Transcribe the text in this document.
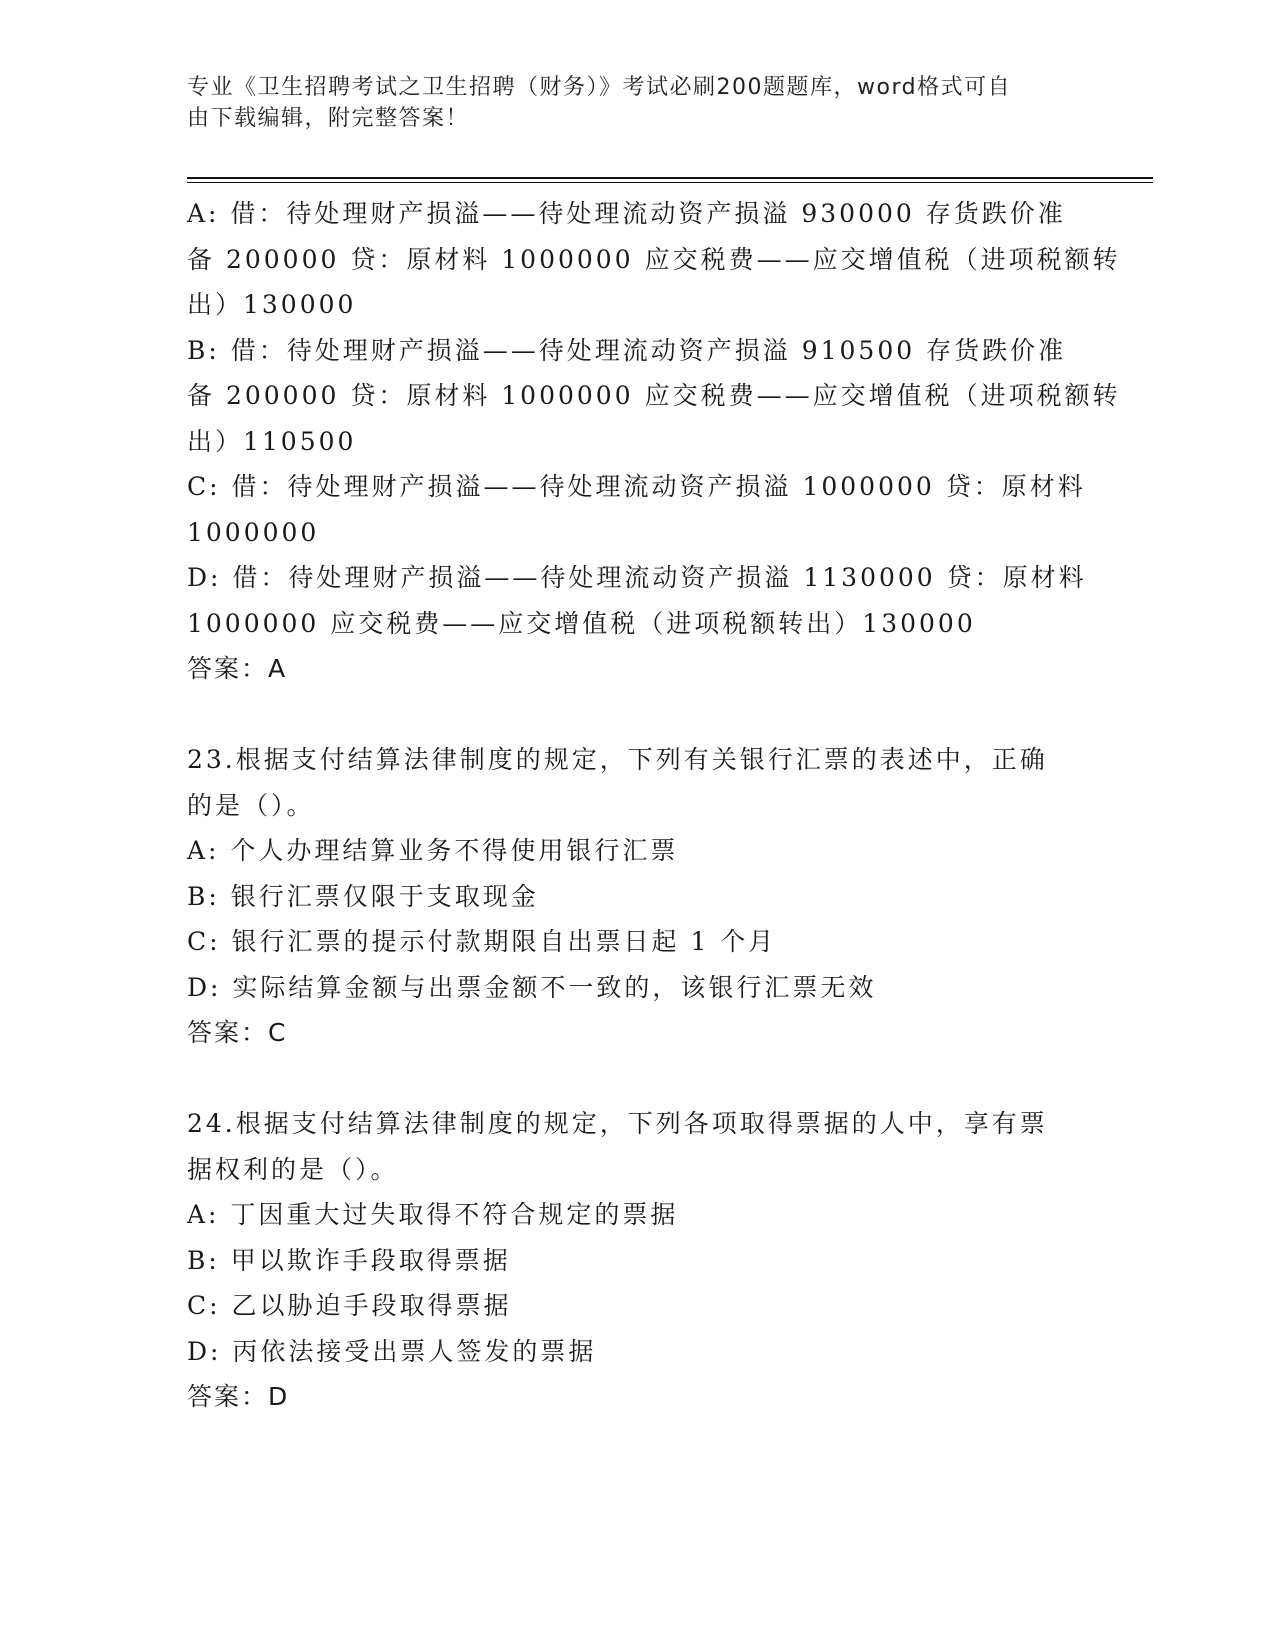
专业《卫生招聘考试之卫生招聘（财务）》考试必刷200题题库，word格式可自
由下载编辑，附完整答案！
A: 借：待处理财产损溢——待处理流动资产损溢 930000 存货跌价准
备 200000 贷：原材料 1000000 应交税费——应交增值税（进项税额转
出）130000
B: 借：待处理财产损溢——待处理流动资产损溢 910500 存货跌价准
备 200000 贷：原材料 1000000 应交税费——应交增值税（进项税额转
出）110500
C: 借：待处理财产损溢——待处理流动资产损溢 1000000 贷：原材料
1000000
D: 借：待处理财产损溢——待处理流动资产损溢 1130000 贷：原材料
1000000 应交税费——应交增值税（进项税额转出）130000
答案：A
23.根据支付结算法律制度的规定，下列有关银行汇票的表述中，正确
的是（）。
A: 个人办理结算业务不得使用银行汇票
B: 银行汇票仅限于支取现金
C: 银行汇票的提示付款期限自出票日起 1 个月
D: 实际结算金额与出票金额不一致的，该银行汇票无效
答案：C
24.根据支付结算法律制度的规定，下列各项取得票据的人中，享有票
据权利的是（）。
A: 丁因重大过失取得不符合规定的票据
B: 甲以欺诈手段取得票据
C: 乙以胁迫手段取得票据
D: 丙依法接受出票人签发的票据
答案：D
